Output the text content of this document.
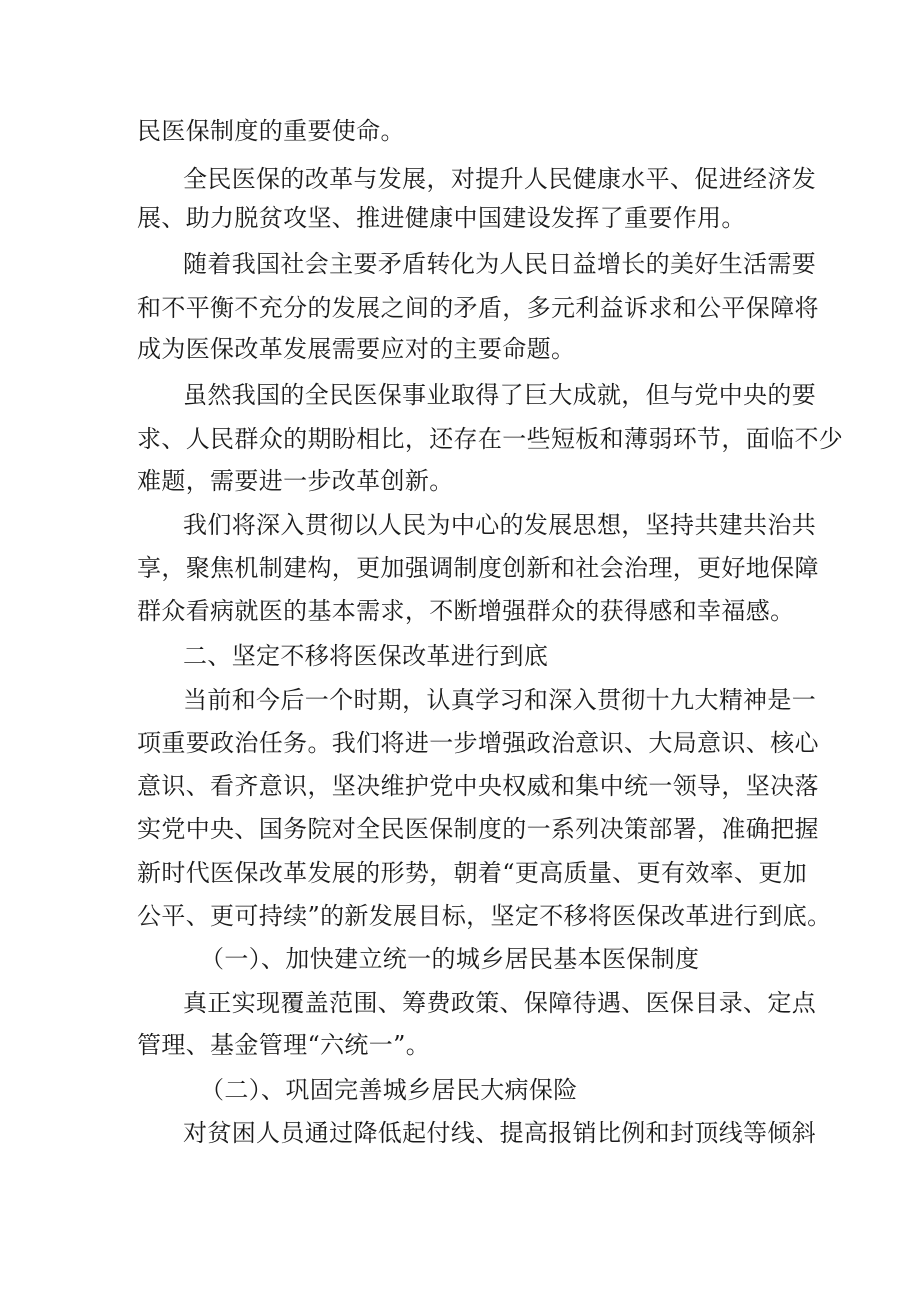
民医保制度的重要使命。
全民医保的改革与发展，对提升人民健康水平、促进经济发
展、助力脱贫攻坚、推进健康中国建设发挥了重要作用。
随着我国社会主要矛盾转化为人民日益增长的美好生活需要
和不平衡不充分的发展之间的矛盾，多元利益诉求和公平保障将
成为医保改革发展需要应对的主要命题。
虽然我国的全民医保事业取得了巨大成就，但与党中央的要
求、人民群众的期盼相比，还存在一些短板和薄弱环节，面临不少
难题，需要进一步改革创新。
我们将深入贯彻以人民为中心的发展思想，坚持共建共治共
享，聚焦机制建构，更加强调制度创新和社会治理，更好地保障
群众看病就医的基本需求，不断增强群众的获得感和幸福感。
二、坚定不移将医保改革进行到底
当前和今后一个时期，认真学习和深入贯彻十九大精神是一
项重要政治任务。我们将进一步增强政治意识、大局意识、核心
意识、看齐意识，坚决维护党中央权威和集中统一领导，坚决落
实党中央、国务院对全民医保制度的一系列决策部署，准确把握
新时代医保改革发展的形势，朝着“更高质量、更有效率、更加
公平、更可持续”的新发展目标，坚定不移将医保改革进行到底。
（一）、加快建立统一的城乡居民基本医保制度
真正实现覆盖范围、筹费政策、保障待遇、医保目录、定点
管理、基金管理“六统一”。
（二）、巩固完善城乡居民大病保险
对贫困人员通过降低起付线、提高报销比例和封顶线等倾斜
